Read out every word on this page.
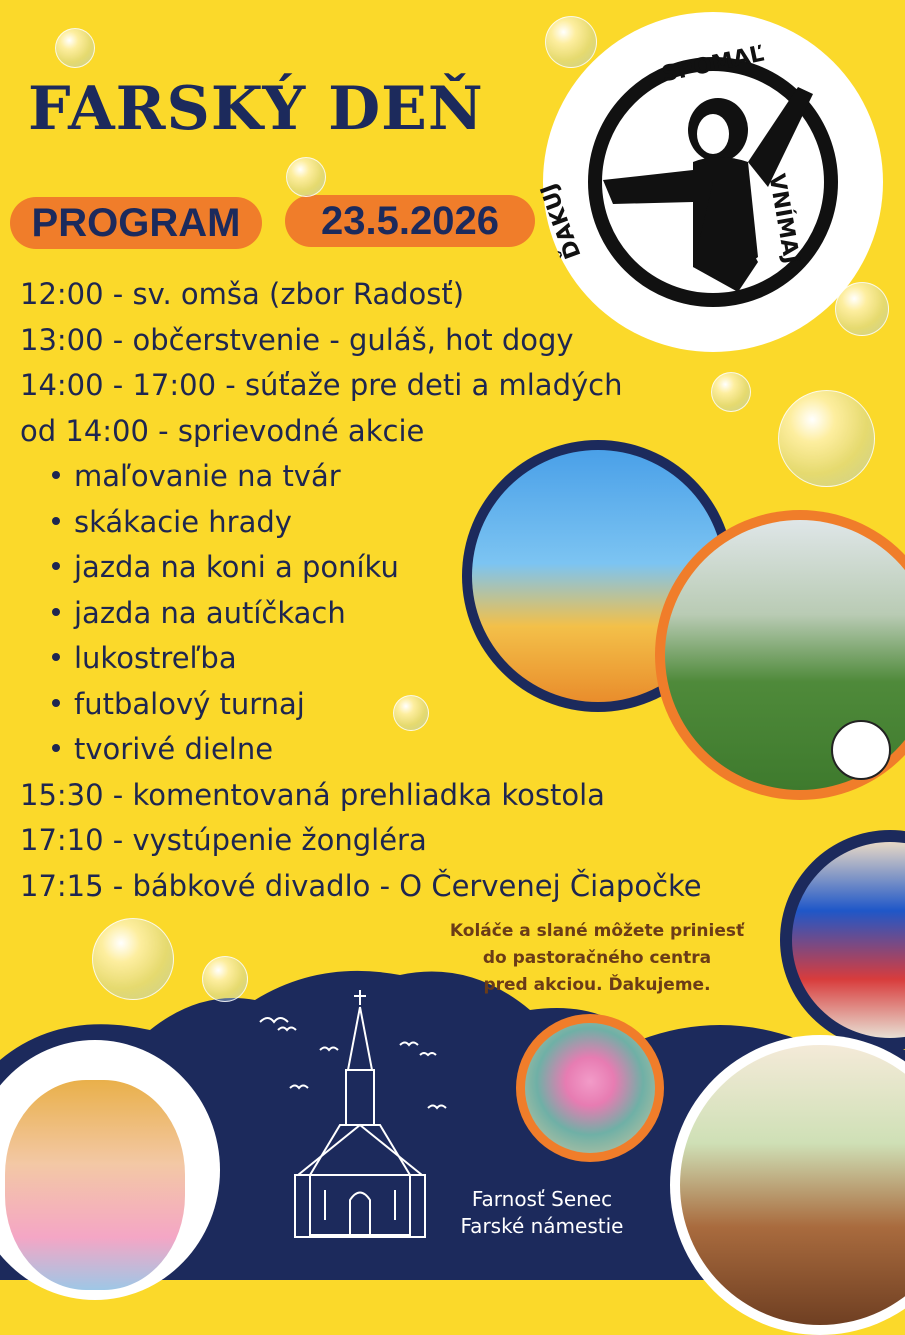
SPOMAĽ
VNÍMAJ
ĎAKUJ
FARSKÝ DEŇ
PROGRAM	23.5.2026
12:00 - sv. omša (zbor Radosť)
13:00 - občerstvenie - guláš, hot dogy
14:00 - 17:00 - súťaže pre deti a mladých
od 14:00 - sprievodné akcie
maľovanie na tvár
skákacie hrady
jazda na koni a poníku
jazda na autíčkach
lukostreľba
futbalový turnaj
tvorivé dielne
15:30 - komentovaná prehliadka kostola
17:10 - vystúpenie žongléra
17:15 - bábkové divadlo - O Červenej Čiapočke
Koláče a slané môžete priniesť
do pastoračného centra
pred akciou. Ďakujeme.
Farnosť Senec
Farské námestie
